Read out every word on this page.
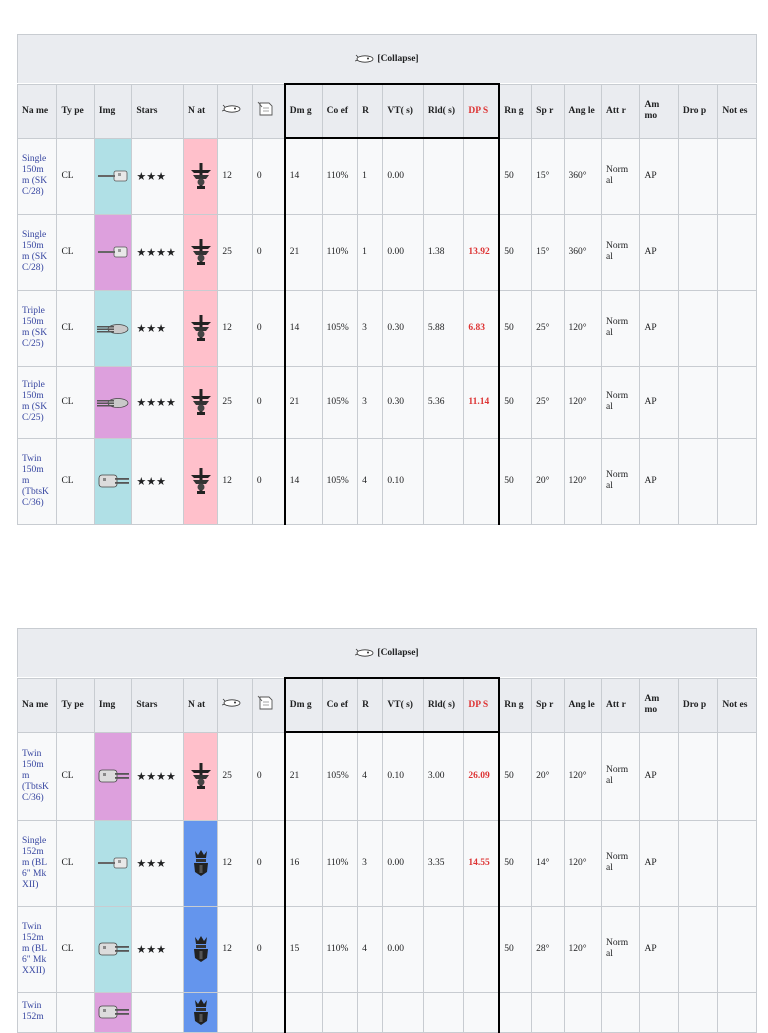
[Collapse]
Na me	Ty pe	Img	Stars	N at			Dm g	Co ef	R	VT( s)	Rld( s)	DP S	Rn g	Sp r	Ang le	Att r	Am mo	Dro p	Not es
Single 150m m (SK C/28)	CL		★★★		12	0	14	110%	1	0.00			50	15°	360°	Norm al	AP		
Single 150m m (SK C/28)	CL		★★★★		25	0	21	110%	1	0.00	1.38	13.92	50	15°	360°	Norm al	AP		
Triple 150m m (SK C/25)	CL		★★★		12	0	14	105%	3	0.30	5.88	6.83	50	25°	120°	Norm al	AP		
Triple 150m m (SK C/25)	CL		★★★★		25	0	21	105%	3	0.30	5.36	11.14	50	25°	120°	Norm al	AP		
Twin 150m m (TbtsK C/36)	CL		★★★		12	0	14	105%	4	0.10			50	20°	120°	Norm al	AP		
[Collapse]
Na me	Ty pe	Img	Stars	N at			Dm g	Co ef	R	VT( s)	Rld( s)	DP S	Rn g	Sp r	Ang le	Att r	Am mo	Dro p	Not es
Twin 150m m (TbtsK C/36)	CL		★★★★		25	0	21	105%	4	0.10	3.00	26.09	50	20°	120°	Norm al	AP		
Single 152m m (BL 6" Mk XII)	CL		★★★		12	0	16	110%	3	0.00	3.35	14.55	50	14°	120°	Norm al	AP		
Twin 152m m (BL 6" Mk XXII)	CL		★★★		12	0	15	110%	4	0.00			50	28°	120°	Norm al	AP		
Twin 152m		
